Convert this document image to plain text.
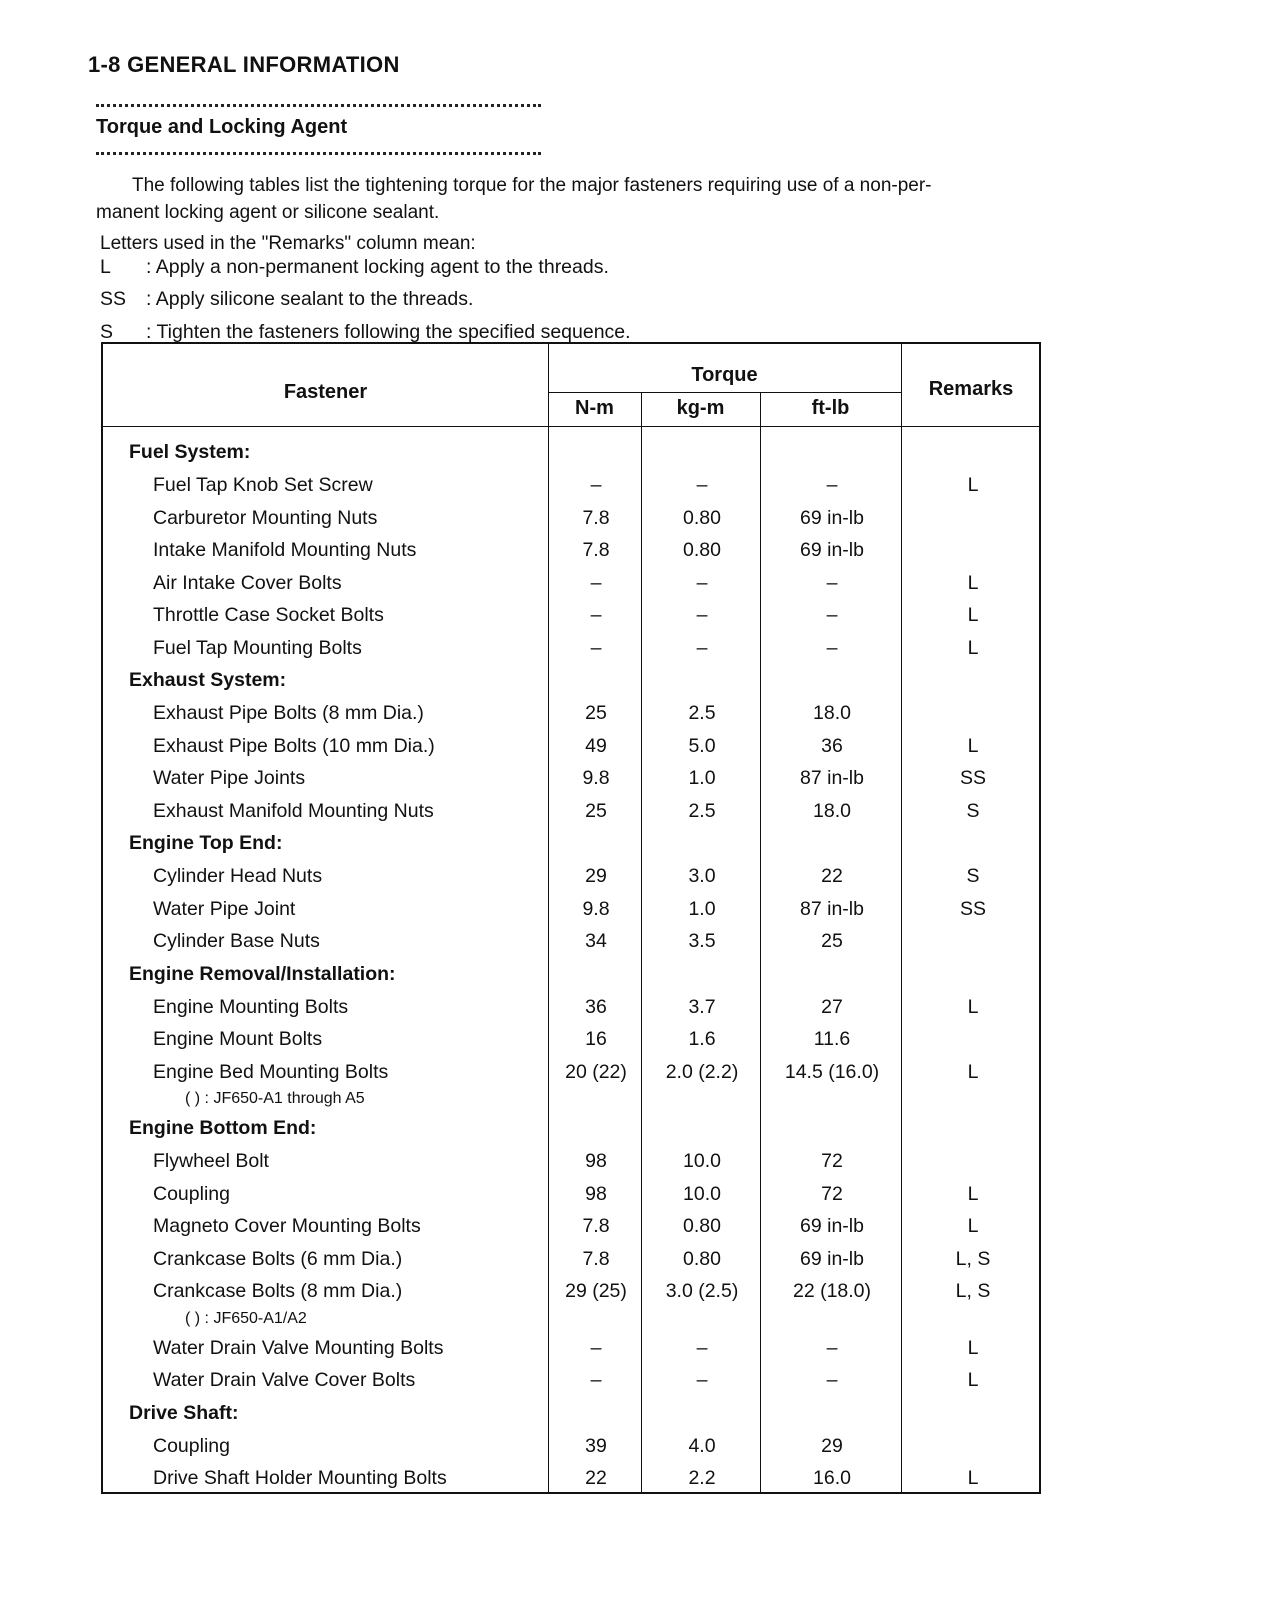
1-8 GENERAL INFORMATION
Torque and Locking Agent
The following tables list the tightening torque for the major fasteners requiring use of a non-per-
manent locking agent or silicone sealant.
Letters used in the "Remarks" column mean:
L	: Apply a non-permanent locking agent to the threads.
SS	: Apply silicone sealant to the threads.
S	: Tighten the fasteners following the specified sequence.
Fastener
Torque
N-m	kg-m	ft-lb
Remarks
Fuel System:
Fuel Tap Knob Set Screw	–	–	–	L
Carburetor Mounting Nuts	7.8	0.80	69 in-lb
Intake Manifold Mounting Nuts	7.8	0.80	69 in-lb
Air Intake Cover Bolts	–	–	–	L
Throttle Case Socket Bolts	–	–	–	L
Fuel Tap Mounting Bolts	–	–	–	L
Exhaust System:
Exhaust Pipe Bolts (8 mm Dia.)	25	2.5	18.0
Exhaust Pipe Bolts (10 mm Dia.)	49	5.0	36	L
Water Pipe Joints	9.8	1.0	87 in-lb	SS
Exhaust Manifold Mounting Nuts	25	2.5	18.0	S
Engine Top End:
Cylinder Head Nuts	29	3.0	22	S
Water Pipe Joint	9.8	1.0	87 in-lb	SS
Cylinder Base Nuts	34	3.5	25
Engine Removal/Installation:
Engine Mounting Bolts	36	3.7	27	L
Engine Mount Bolts	16	1.6	11.6
Engine Bed Mounting Bolts	20 (22)	2.0 (2.2)	14.5 (16.0)	L
( ) : JF650-A1 through A5
Engine Bottom End:
Flywheel Bolt	98	10.0	72
Coupling	98	10.0	72	L
Magneto Cover Mounting Bolts	7.8	0.80	69 in-lb	L
Crankcase Bolts (6 mm Dia.)	7.8	0.80	69 in-lb	L, S
Crankcase Bolts (8 mm Dia.)	29 (25)	3.0 (2.5)	22 (18.0)	L, S
( ) : JF650-A1/A2
Water Drain Valve Mounting Bolts	–	–	–	L
Water Drain Valve Cover Bolts	–	–	–	L
Drive Shaft:
Coupling	39	4.0	29
Drive Shaft Holder Mounting Bolts	22	2.2	16.0	L
